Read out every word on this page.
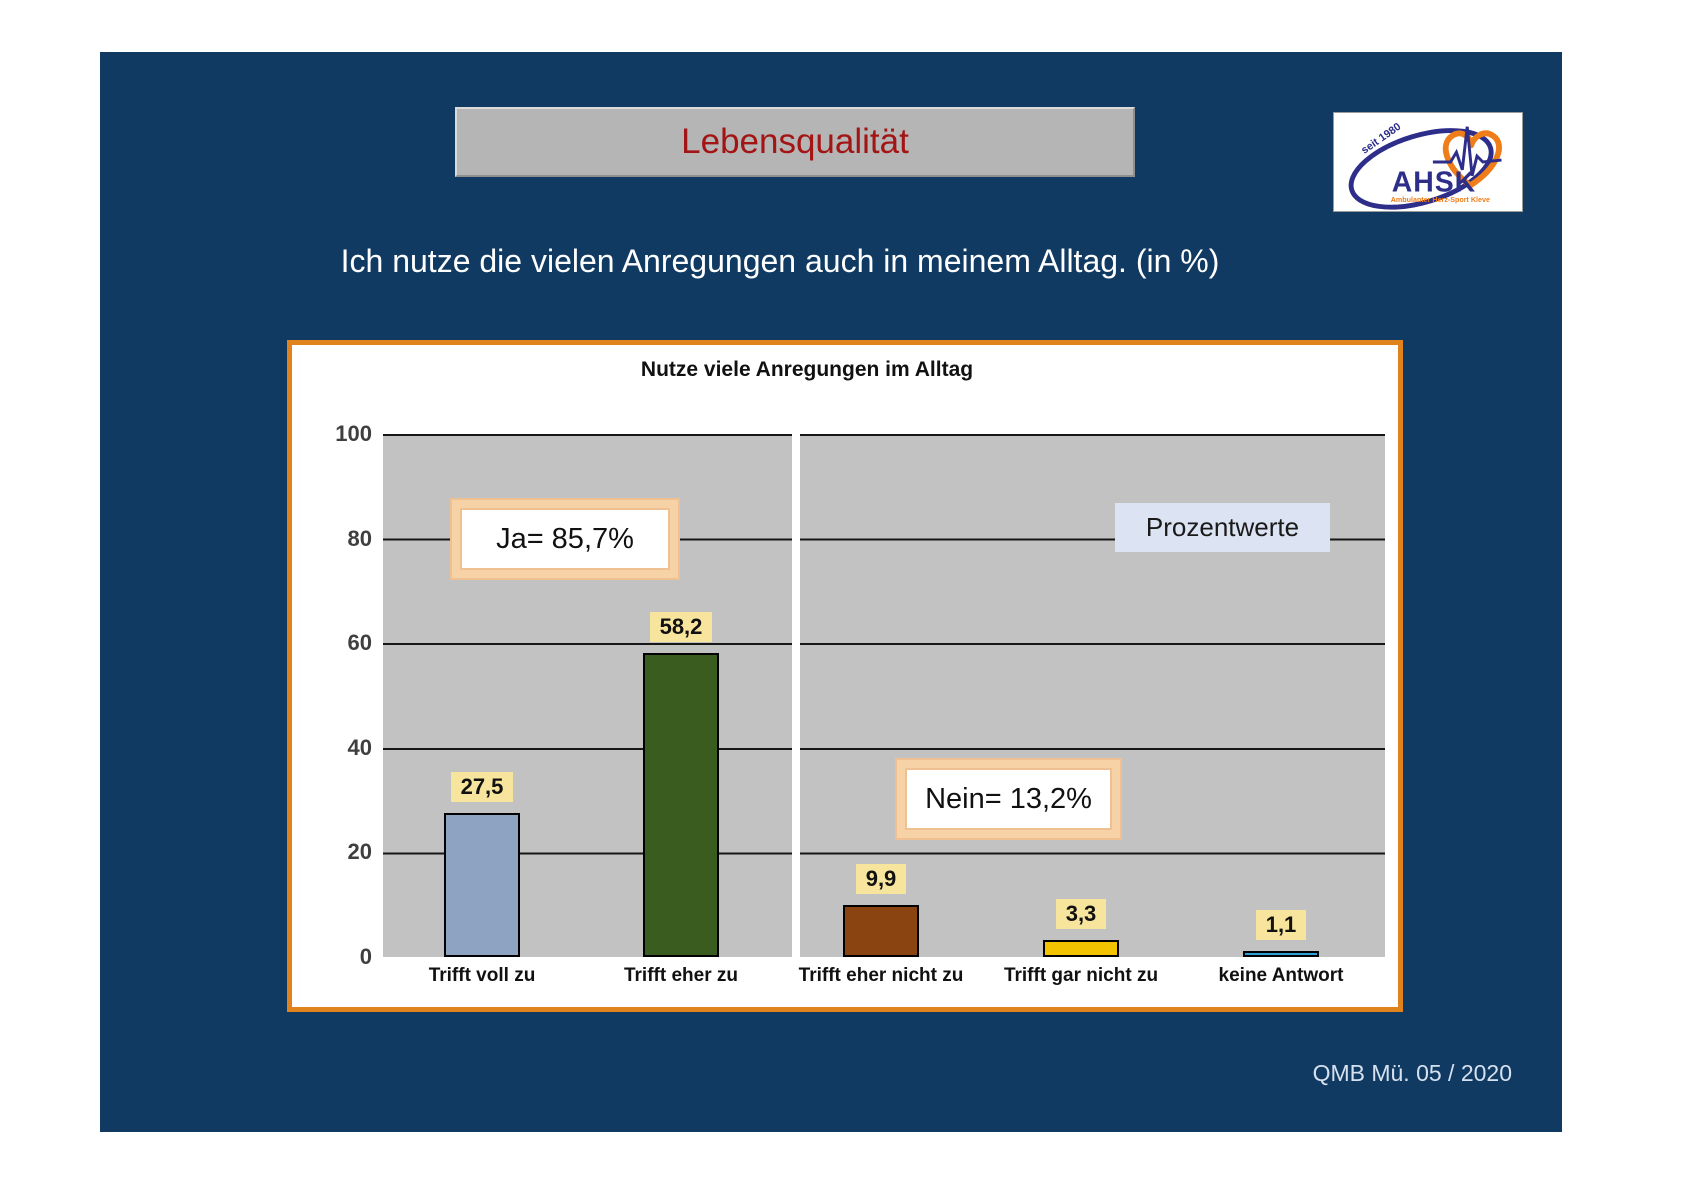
Lebensqualität	seit 1980
AHSK
Ambulanter Herz-Sport Kleve
Ich nutze die vielen Anregungen auch in meinem Alltag. (in %)
Nutze viele Anregungen im Alltag
100
80
60
40
20
0
27,5
58,2
9,9
3,3	1,1
Trifft voll zu	Trifft eher zu	Trifft eher nicht zu	Trifft gar nicht zu	keine Antwort
Prozentwerte
Ja= 85,7%
Nein= 13,2%
QMB Mü. 05 / 2020
